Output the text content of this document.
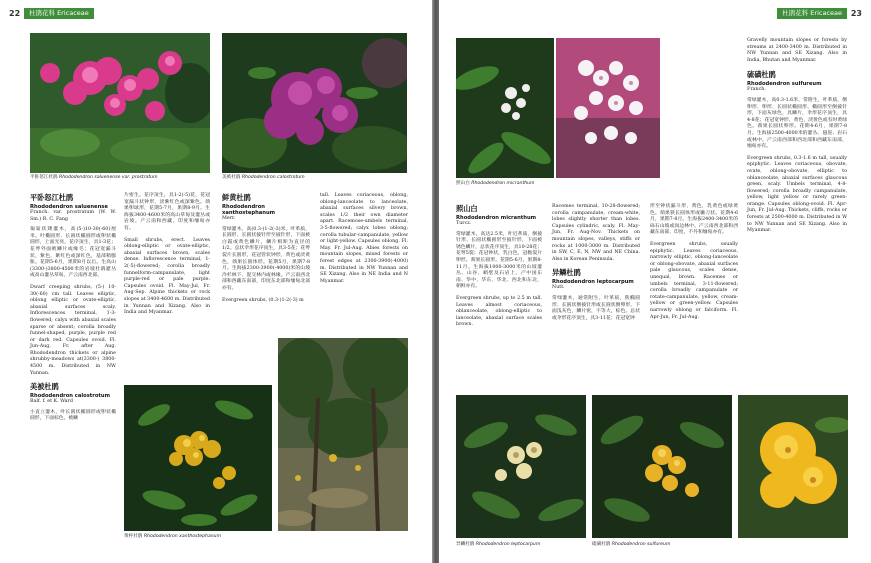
22	杜鹃花科 Ericaceae
平卧怒江杜鹃 Rhododendron saluenense var. prostratum	美被杜鹃 Rhododendron calostrotum
平卧怒江杜鹃
Rhododendron saluenense
Franch. var. prostratum (W. W. Sm.) R. C. Fang

匍匐状矮灌木，高(5-)10-30(-60)厘米。叶椭圆形、长圆状椭圆形或卵状椭圆形，上面光亮，花序顶生，具1-3花；花萼外面被鳞片或缘毛；花冠宽漏斗状，紫色，紫红色或深红色，基部稍膨胀。花期5-6月，果期8月以后。生高山(3300-)3800-4500米的岩坡杜鹃灌丛或高山灌丛草甸。产云南西北部。

Dwarf creeping shrubs, (5-) 10-30(-60) cm tall. Leaves elliptic, oblong elliptic or ovate-elliptic, abaxial surfaces scaly. Inflorescences terminal, 1-3-flowered; calyx with abaxial scales sparse or absent; corolla broadly funnel-shaped, purple, purple red or dark red. Capsules ovoid. Fl. Jun-Aug, Fr. after Aug. Rhododendron thickets or alpine shrubby-meadows at(3300-) 3800-4500 m. Distributed in NW Yunnan.

美被杜鹃
Rhododendron calostrotum
Balf. f. et K. Ward

小直立灌木，叶长圆状椭圆形或卵状椭圆形，下面棕色，被鳞

片密生。花序顶生，具1-2(-5)花，花冠宽漏斗状钟形，淡紫红色或深紫色。蒴果卵球形，花期5-7月，果期8-9月。生海拔3400-4600米的高山草甸及灌丛或岩坡。产云南和西藏，印度和缅甸亦有。

Small shrubs, erect. Leaves oblong-elliptic or ovate-elliptic, abaxial surfaces brown, scales dense. Inflorescence terminal, 1-2(-5)-flowered; corolla broadly funnelform-campanulate, light purple-red or pale purple. Capsules ovoid. Fl. May-Jul, Fr. Aug-Sep. Alpine thickets or rock slopes at 3400-4600 m. Distributed in Yunnan and Xizang. Also in India and Myanmar.

黄杯杜鹃 Rhododendron xanthostephanum
鲜黄杜鹃
Rhododendron xanthostephanum
Merr.

常绿灌木，高(0.3-)1-2(-3)米。叶革质，长圆形、长圆状披针形至披针形，下面被白霜或黄色鳞片，鳞片相距为直径的1/2。总状伞形花序顶生，具3-5花；花萼裂片长圆形，花冠管状钟形，黄色或淡黄色，蒴果长圆体形。花期5月，果期7-8月。生海拔2300-3900(-4000)米的山坡冷杉林下、混交林内或林缘。产云南西北部和西藏东南部，印度东北部和缅甸北部亦有。

Evergreen shrubs, (0.3-)1-2(-3) m

tall. Leaves coriaceous, oblong, oblong-lanceolate to lanceolate, abaxial surfaces silvery brown, scales 1/2 their own diameter apart. Racemose-umbels terminal, 3-5-flowered; calyx lobes oblong; corolla tubular-campanulate, yellow or light-yellow. Capsules oblong. Fl. May. Fr. Jul-Aug. Abies forests on mountain slopes, mixed forests or forest edges at 2300-3900(-4000) m. Distributed in NW Yunnan and SE Xizang. Also in NE India and N Myanmar.

23
杜鹃花科 Ericaceae
照山白 Rhododendron micranthum
照山白
Rhododendron micranthum
Turcz.

常绿灌木，高达2.5米，叶近革质，倒披针形、长圆状椭圆形至披针形，下面被锈色鳞片，总状花序顶生，具10-28花；花萼5裂；花冠钟状，乳白色，冠檐裂片卵形。蒴果长圆形。花期5-6月，果期8-11月。生海拔1000-3000米的山坡灌丛、山谷、峭壁及石岩上，产中国东南、华中、华东、华北、西北和东北，朝鲜亦有。

Evergreen shrubs, up to 2.5 m tall. Leaves almost coriaceous, oblanceolate, oblong-elliptic to lanceolate, abaxial surface scales brown.

Racemes terminal, 10-28-flowered; corolla campanulate, cream-white, lobes slightly shorter than lobes. Capsules cylindric, scaly. Fl. May-Jun, Fr. Aug-Nov. Thickets on mountain slopes, valleys, stiffs or rocks at 1000-3000 m. Distributed in SW, C, E, N, NW and NE China. Also in Korean Peninsula.

异鳞杜鹃
Rhododendron leptocarpum
Nutt.

常绿灌木，通常附生。叶革质，狭椭圆形、长圆状倒披针形或长圆状倒卵形，下面浅灰色，鳞片密，不等大，棕色。总状或伞形花序顶生，具3-11花；花冠宽钟

形至钟状漏斗形，黄色，乳黄色或绿黄色。蒴果狭长圆体形或镰刀状。花期4-6月，果期7-8月。生海拔2400-3400米的砾石山坡或岗边林中。产云南西北部和西藏东南部，印度、不丹和缅甸亦有。

Evergreen shrubs, usually epiphytic. Leaves coriaceous, narrowly elliptic, oblong-lanceolate or oblong-obovate, abaxial surfaces pale glaucous, scales dense, unequal, brown. Racemes or umbels terminal, 3-11-flowered; corolla broadly campanulate or rotate-campanulate, yellow, cream-yellow or green-yellow. Capsules narrowly oblong or falciform. Fl. Apr-Jun, Fr. Jul-Aug.

Gravelly mountain slopes or forests by streams at 2400-3400 m. Distributed in NW Yunnan and SE Xizang. Also in India, Bhutan and Myanmar.

硫磺杜鹃
Rhododendron sulfureum
Franch.

常绿灌木，高0.3-1.6米，常附生，叶革质，倒卵形、卵形、长圆状椭圆形、椭圆形至倒披针形，下面灰绿色，具鳞片，伞形花序顶生，具4-8花；花冠宽钟形，黄色，淡黄色或有时黄绿色。蒴果长圆状卵形。花期4-6月，果期7-8月。生海拔2500-4000米的灌丛、悬崖、岩石或林中。产云南西部和西北部和西藏东南部，缅甸亦有。

Evergreen shrubs, 0.3-1.6 m tall, usually epiphytic. Leaves coriaceous, obovate, ovate, oblong-obovate, elliptic to oblanceolate, abaxial surfaces glaucous green, scaly. Umbels terminal, 4-8-flowered; corolla broadly campanulate, yellow, light yellow or rarely green-orange. Capsules oblong-ovoid. Fl. Apr-Jun, Fr. Jul-Aug. Thickets, cliffs, rocks or forests at 2500-4000 m. Distributed in W to NW Yunnan and SE Xizang. Also in Myanmar.

异鳞杜鹃 Rhododendron leptocarpum	硫磺杜鹃 Rhododendron sulfureum
